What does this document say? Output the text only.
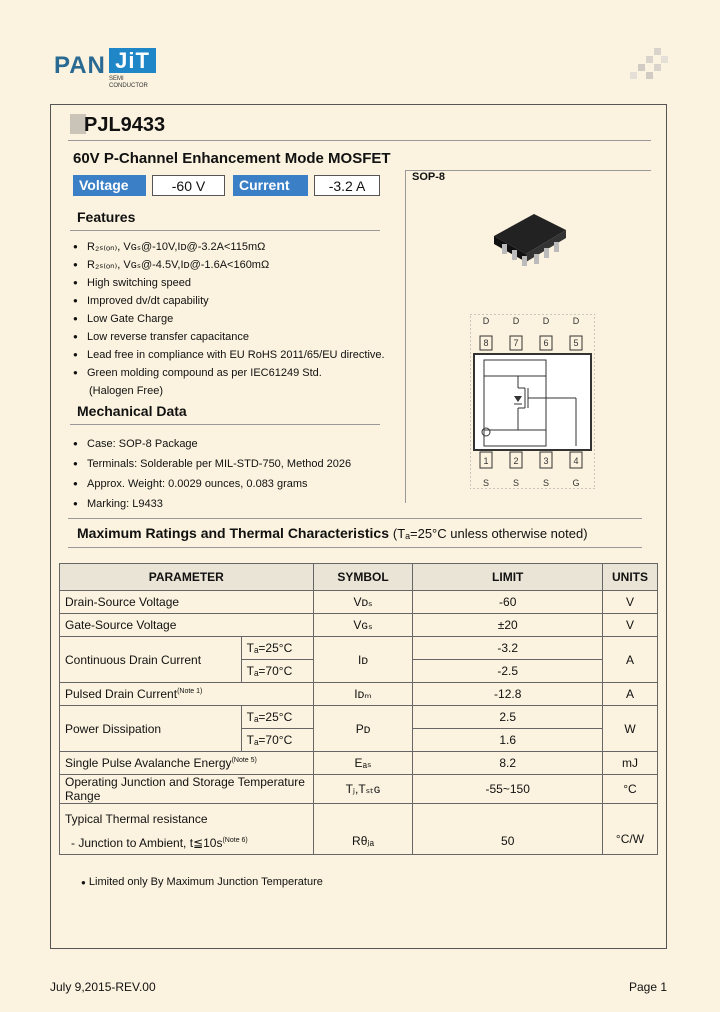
PAN JiT
SEMI
CONDUCTOR
PJL9433
60V P-Channel Enhancement Mode MOSFET
Voltage	-60 V	Current	-3.2 A
Features
● R₂ₛ₍ₒₙ₎, Vɢₛ@-10V,Iᴅ@-3.2A<115mΩ
● R₂ₛ₍ₒₙ₎, Vɢₛ@-4.5V,Iᴅ@-1.6A<160mΩ
● High switching speed
● Improved dv/dt capability
● Low Gate Charge
● Low reverse transfer capacitance
● Lead free in compliance with EU RoHS 2011/65/EU directive.
● Green molding compound as per IEC61249 Std.
(Halogen Free)
Mechanical Data
● Case: SOP-8 Package
● Terminals: Solderable per MIL-STD-750, Method 2026
● Approx. Weight: 0.0029 ounces, 0.083 grams
● Marking: L9433
SOP-8
D	D	D	D
8	7	6	5
1	2	3	4
S	S	S	G
Maximum Ratings and Thermal Characteristics (Tₐ=25°C unless otherwise noted)
PARAMETER		SYMBOL	LIMIT	UNITS
Drain-Source Voltage		Vᴅₛ	-60	V
Gate-Source Voltage		Vɢₛ	±20	V
Continuous Drain Current	Tₐ=25°C	Iᴅ	-3.2	A
	Tₐ=70°C		-2.5	
Pulsed Drain Current$^{(Note 1)}$		Iᴅₘ	-12.8	A
Power Dissipation	Tₐ=25°C	Pᴅ	2.5	W
	Tₐ=70°C		1.6	
Single Pulse Avalanche Energy$^{(Note 5)}$		Eₐₛ	8.2	mJ
Operating Junction and Storage Temperature Range		Tⱼ,Tₛₜɢ	-55~150	°C

Typical Thermal resistance
- Junction to Ambient, $t≦10s^{(Note 6)}$		Rθⱼₐ	50	°C/W
● Limited only By Maximum Junction Temperature
July 9,2015-REV.00	Page 1
